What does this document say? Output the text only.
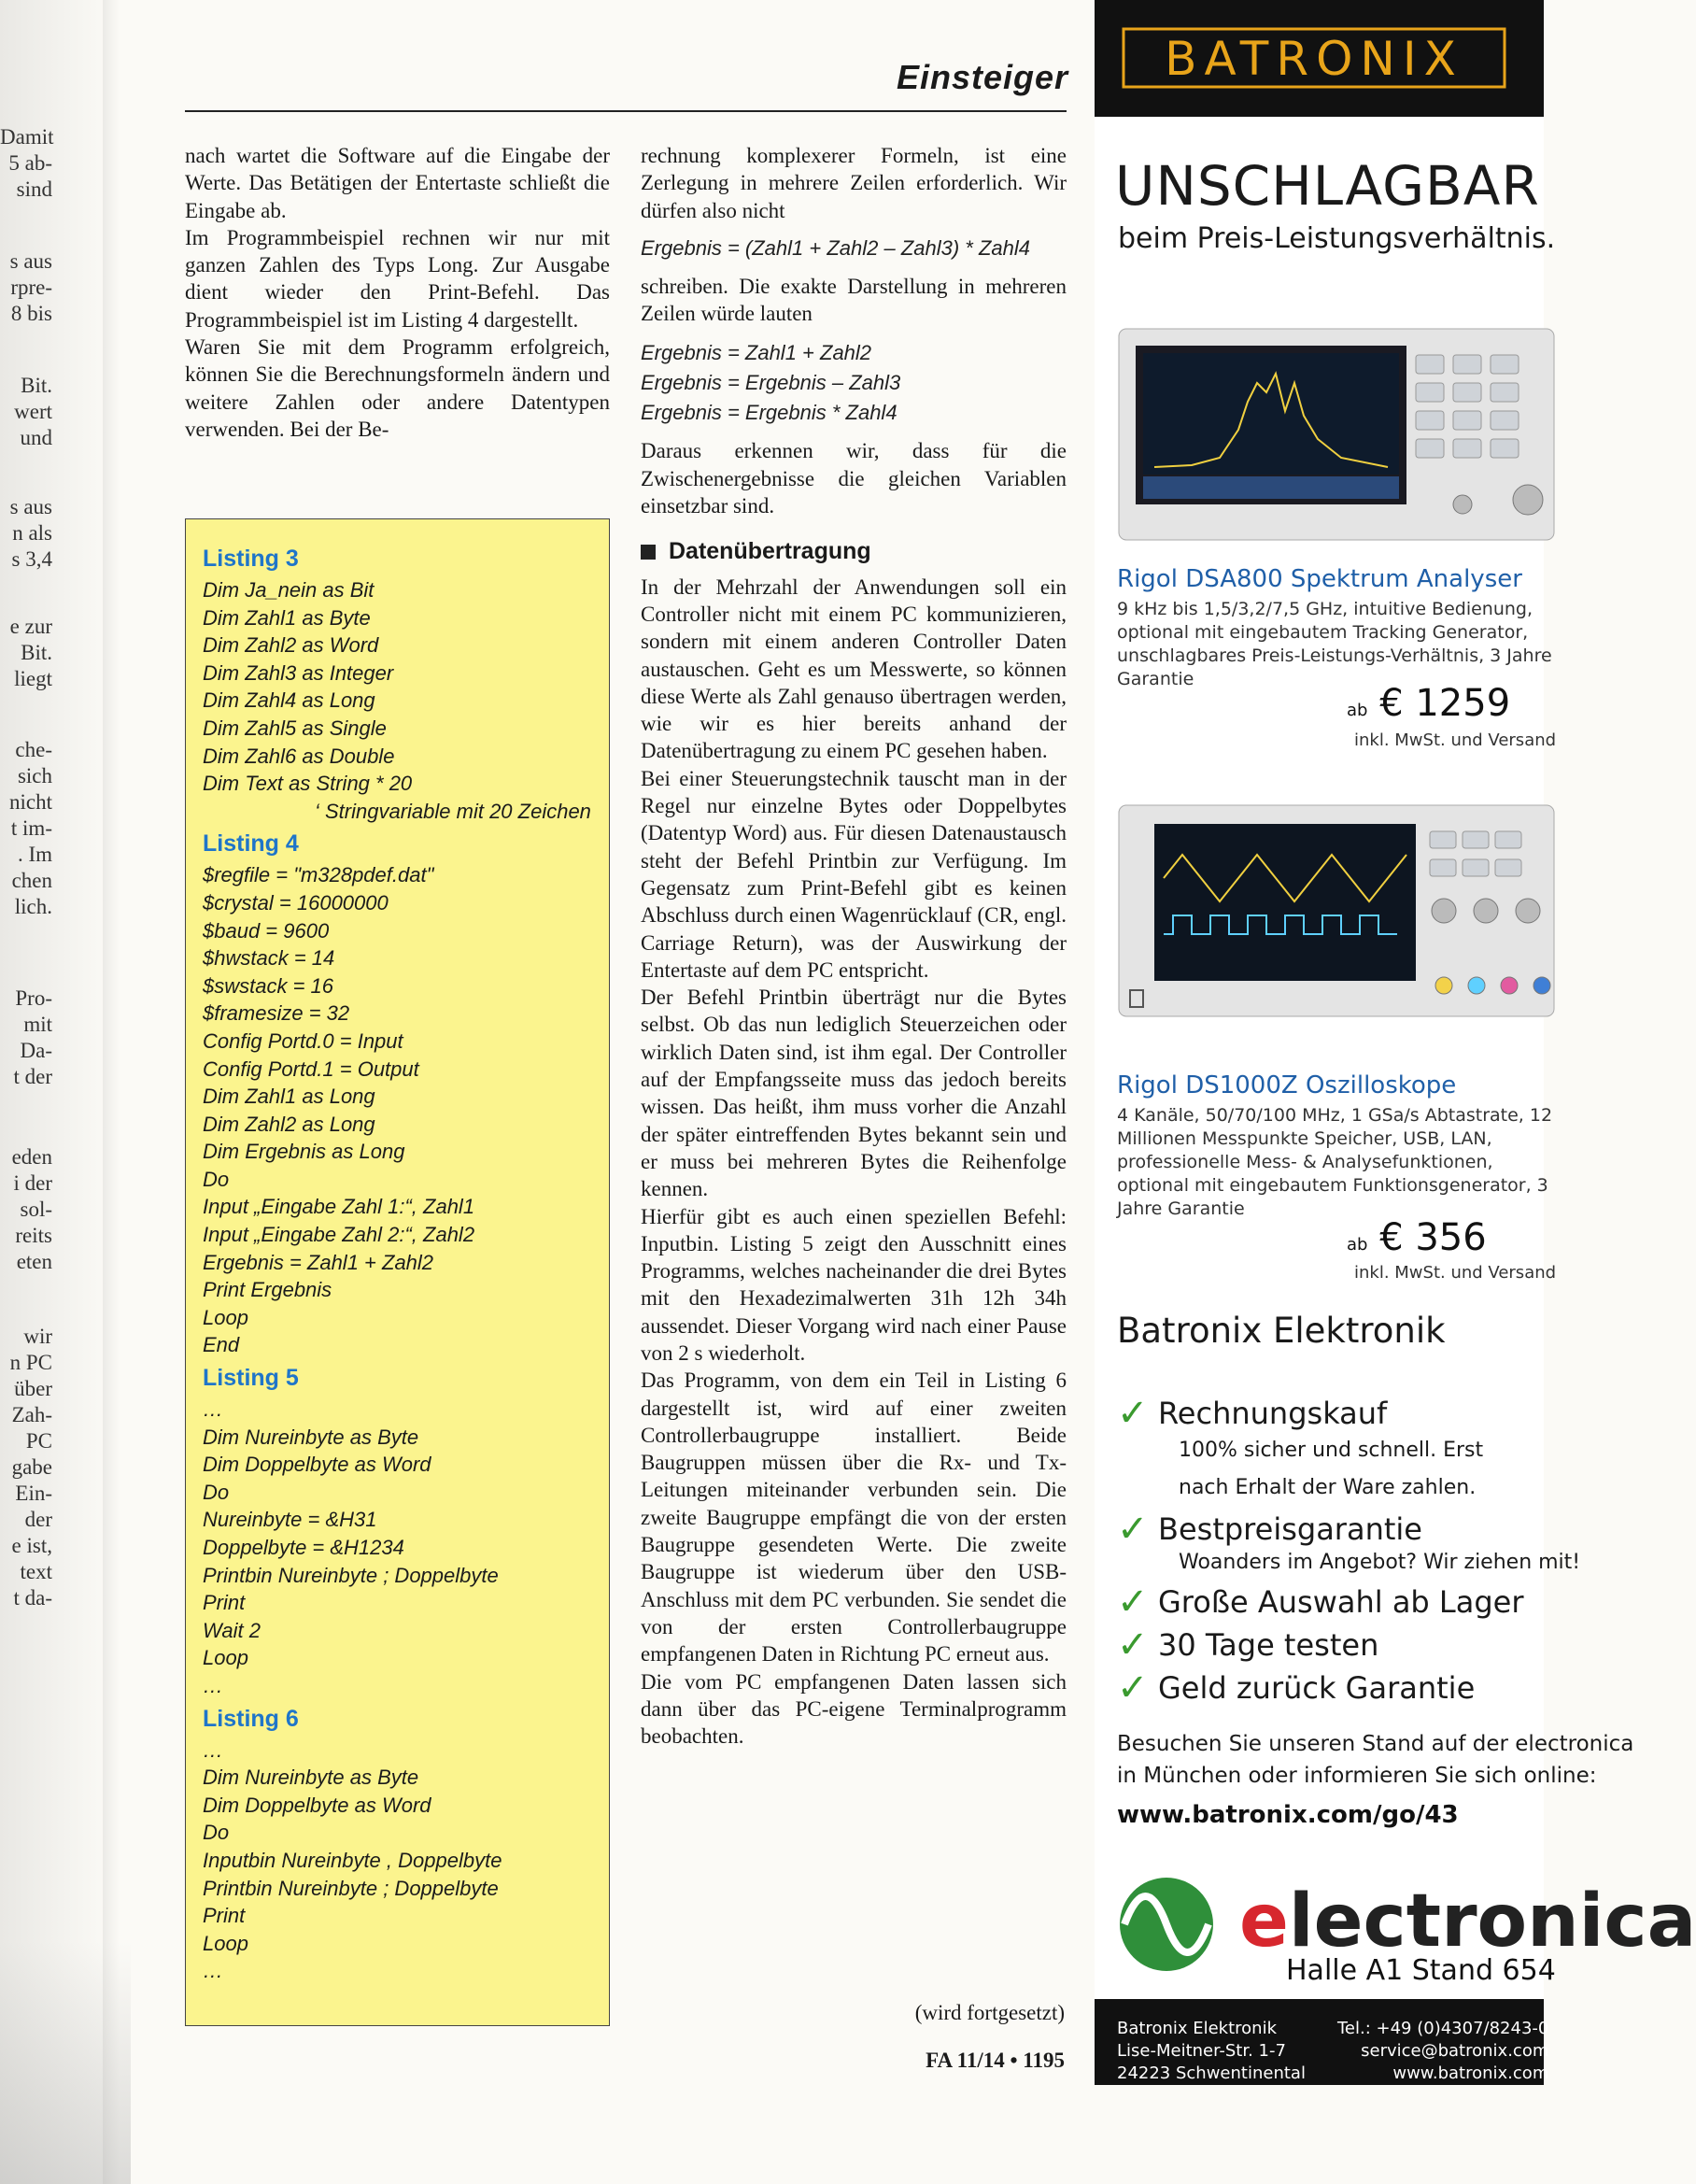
Damit
5 ab-
sind
s aus
rpre-
8 bis
Bit.
wert
und
s aus
n als
s 3,4
e zur
Bit.
liegt
che-
sich
nicht
t im-
. Im
chen
lich.
Pro-
mit
Da-
t der
eden
i der
sol-
reits
eten
wir
n PC
über
Zah-
PC
gabe
Ein-
der
e ist,
text
t da-
Einsteiger

nach wartet die Software auf die Eingabe der Werte. Das Betätigen der Entertaste schließt die Eingabe ab.

Im Programmbeispiel rechnen wir nur mit ganzen Zahlen des Typs Long. Zur Ausgabe dient wieder den Print-Befehl. Das Programmbeispiel ist im Listing 4 dargestellt.

Waren Sie mit dem Programm erfolgreich, können Sie die Berechnungsformeln ändern und weitere Zahlen oder andere Datentypen verwenden. Bei der Be-

Listing 3
Dim Ja_nein as Bit
Dim Zahl1 as Byte
Dim Zahl2 as Word
Dim Zahl3 as Integer
Dim Zahl4 as Long
Dim Zahl5 as Single
Dim Zahl6 as Double
Dim Text as String * 20
‘ Stringvariable mit 20 Zeichen
Listing 4
$regfile = "m328pdef.dat"
$crystal = 16000000
$baud = 9600
$hwstack = 14
$swstack = 16
$framesize = 32
Config Portd.0 = Input
Config Portd.1 = Output
Dim Zahl1 as Long
Dim Zahl2 as Long
Dim Ergebnis as Long
Do
Input „Eingabe Zahl 1:“, Zahl1
Input „Eingabe Zahl 2:“, Zahl2
Ergebnis = Zahl1 + Zahl2
Print Ergebnis
Loop
End
Listing 5
…
Dim Nureinbyte as Byte
Dim Doppelbyte as Word
Do
Nureinbyte = &H31
Doppelbyte = &H1234
Printbin Nureinbyte ; Doppelbyte
Print
Wait 2
Loop
…
Listing 6
…
Dim Nureinbyte as Byte
Dim Doppelbyte as Word
Do
Inputbin Nureinbyte , Doppelbyte
Printbin Nureinbyte ; Doppelbyte
Print
Loop
…

rechnung komplexerer Formeln, ist eine Zerlegung in mehrere Zeilen erforderlich. Wir dürfen also nicht

Ergebnis = (Zahl1 + Zahl2 – Zahl3) * Zahl4

schreiben. Die exakte Darstellung in mehreren Zeilen würde lauten

Ergebnis = Zahl1 + Zahl2
Ergebnis = Ergebnis – Zahl3
Ergebnis = Ergebnis * Zahl4

Daraus erkennen wir, dass für die Zwischenergebnisse die gleichen Variablen einsetzbar sind.

Datenübertragung

In der Mehrzahl der Anwendungen soll ein Controller nicht mit einem PC kommunizieren, sondern mit einem anderen Controller Daten austauschen. Geht es um Messwerte, so können diese Werte als Zahl genauso übertragen werden, wie wir es hier bereits anhand der Datenübertragung zu einem PC gesehen haben.

Bei einer Steuerungstechnik tauscht man in der Regel nur einzelne Bytes oder Doppelbytes (Datentyp Word) aus. Für diesen Datenaustausch steht der Befehl Printbin zur Verfügung. Im Gegensatz zum Print-Befehl gibt es keinen Abschluss durch einen Wagenrücklauf (CR, engl. Carriage Return), was der Auswirkung der Entertaste auf dem PC entspricht.

Der Befehl Printbin überträgt nur die Bytes selbst. Ob das nun lediglich Steuerzeichen oder wirklich Daten sind, ist ihm egal. Der Controller auf der Empfangsseite muss das jedoch bereits wissen. Das heißt, ihm muss vorher die Anzahl der später eintreffenden Bytes bekannt sein und er muss bei mehreren Bytes die Reihenfolge kennen.

Hierfür gibt es auch einen speziellen Befehl: Inputbin. Listing 5 zeigt den Ausschnitt eines Programms, welches nacheinander die drei Bytes mit den Hexadezimalwerten 31h 12h 34h aussendet. Dieser Vorgang wird nach einer Pause von 2 s wiederholt.

Das Programm, von dem ein Teil in Listing 6 dargestellt ist, wird auf einer zweiten Controllerbaugruppe installiert. Beide Baugruppen müssen über die Rx- und Tx-Leitungen miteinander verbunden sein. Die zweite Baugruppe empfängt die von der ersten Baugruppe gesendeten Werte. Die zweite Baugruppe ist wiederum über den USB-Anschluss mit dem PC verbunden. Sie sendet die von der ersten Controllerbaugruppe empfangenen Daten in Richtung PC erneut aus.

Die vom PC empfangenen Daten lassen sich dann über das PC-eigene Terminalprogramm beobachten.

(wird fortgesetzt)
FA 11/14 • 1195
BATRONIX
UNSCHLAGBAR
beim Preis-Leistungsverhältnis.
Rigol DSA800 Spektrum Analyser
9 kHz bis 1,5/3,2/7,5 GHz, intuitive Bedienung, optional mit eingebautem Tracking Generator, unschlagbares Preis-Leistungs-Verhältnis, 3 Jahre Garantie
ab € 1259
inkl. MwSt. und Versand
Rigol DS1000Z Oszilloskope
4 Kanäle, 50/70/100 MHz, 1 GSa/s Abtastrate, 12 Millionen Messpunkte Speicher, USB, LAN, professionelle Mess- & Analysefunktionen, optional mit eingebautem Funktionsgenerator, 3 Jahre Garantie
ab € 356
inkl. MwSt. und Versand
Batronix Elektronik
✓ Rechnungskauf
100% sicher und schnell. Erst
nach Erhalt der Ware zahlen.
✓ Bestpreisgarantie
Woanders im Angebot? Wir ziehen mit!
✓ Große Auswahl ab Lager
✓ 30 Tage testen
✓ Geld zurück Garantie
Besuchen Sie unseren Stand auf der electronica
in München oder informieren Sie sich online:
www.batronix.com/go/43
electronica
Halle A1 Stand 654
Batronix Elektronik
Lise-Meitner-Str. 1-7
24223 Schwentinental
Tel.: +49 (0)4307/8243-0
service@batronix.com
www.batronix.com
